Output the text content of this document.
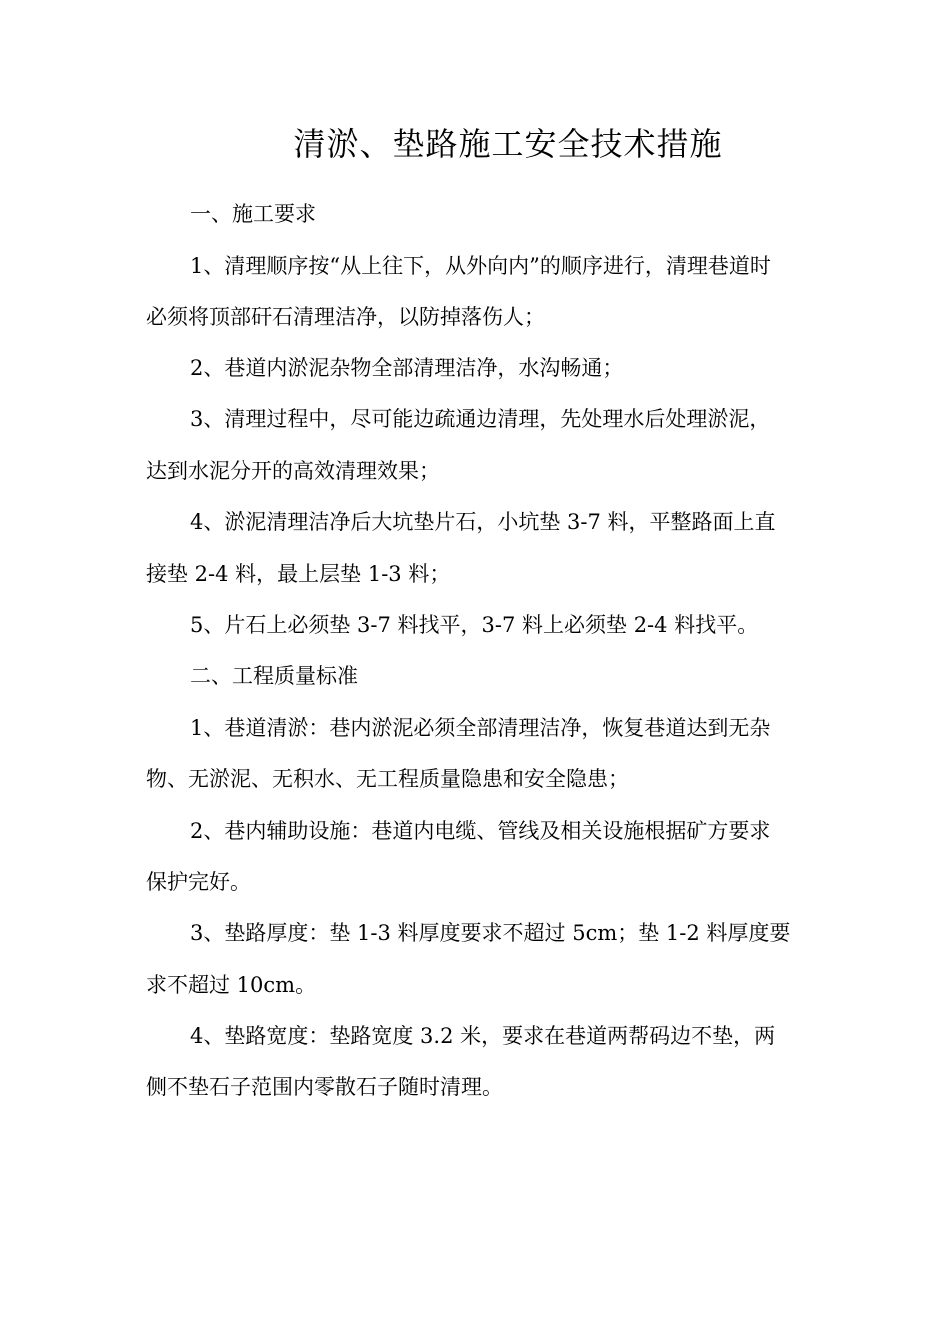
清淤、垫路施工安全技术措施
一、施工要求
1、清理顺序按“从上往下，从外向内”的顺序进行，清理巷道时
必须将顶部矸石清理洁净，以防掉落伤人；
2、巷道内淤泥杂物全部清理洁净，水沟畅通；
3、清理过程中，尽可能边疏通边清理，先处理水后处理淤泥，
达到水泥分开的高效清理效果；
4、淤泥清理洁净后大坑垫片石，小坑垫 3-7 料，平整路面上直
接垫 2-4 料，最上层垫 1-3 料；
5、片石上必须垫 3-7 料找平，3-7 料上必须垫 2-4 料找平。
二、工程质量标准
1、巷道清淤：巷内淤泥必须全部清理洁净，恢复巷道达到无杂
物、无淤泥、无积水、无工程质量隐患和安全隐患；
2、巷内辅助设施：巷道内电缆、管线及相关设施根据矿方要求
保护完好。
3、垫路厚度：垫 1-3 料厚度要求不超过 5cm；垫 1-2 料厚度要
求不超过 10cm。
4、垫路宽度：垫路宽度 3.2 米，要求在巷道两帮码边不垫，两
侧不垫石子范围内零散石子随时清理。
